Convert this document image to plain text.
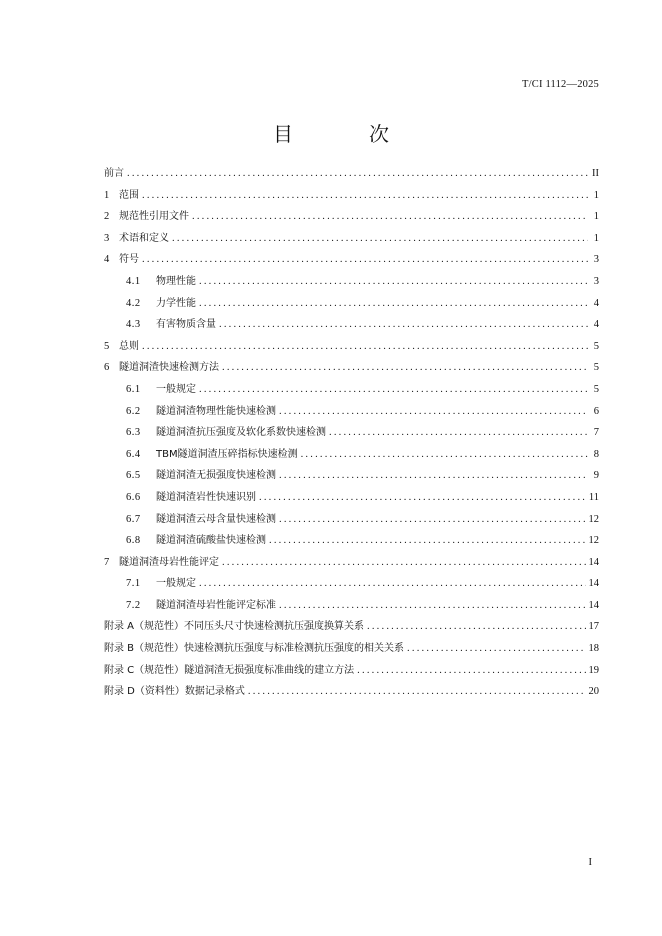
T/CI 1112—2025
目　次
前言 .....	II
1 范围 .....	1
2 规范性引用文件 .....	1
3 术语和定义 .....	1
4 符号 .....	3
4.1	物理性能 .....	3
4.2	力学性能 .....	4
4.3	有害物质含量 .....	4
5 总则 .....	5
6 隧道洞渣快速检测方法 .....	5
6.1	一般规定 .....	5
6.2	隧道洞渣物理性能快速检测 .....	6
6.3	隧道洞渣抗压强度及软化系数快速检测 .....	7
6.4	TBM隧道洞渣压碎指标快速检测 .....	8
6.5	隧道洞渣无损强度快速检测 .....	9
6.6	隧道洞渣岩性快速识别 .....	11
6.7	隧道洞渣云母含量快速检测 .....	12
6.8	隧道洞渣硫酸盐快速检测 .....	12
7 隧道洞渣母岩性能评定 .....	14
7.1	一般规定 .....	14
7.2	隧道洞渣母岩性能评定标准 .....	14
附录 A（规范性）不同压头尺寸快速检测抗压强度换算关系 .....	17
附录 B（规范性）快速检测抗压强度与标准检测抗压强度的相关关系 .....	18
附录 C（规范性）隧道洞渣无损强度标准曲线的建立方法 .....	19
附录 D（资料性）数据记录格式 .....	20
I
